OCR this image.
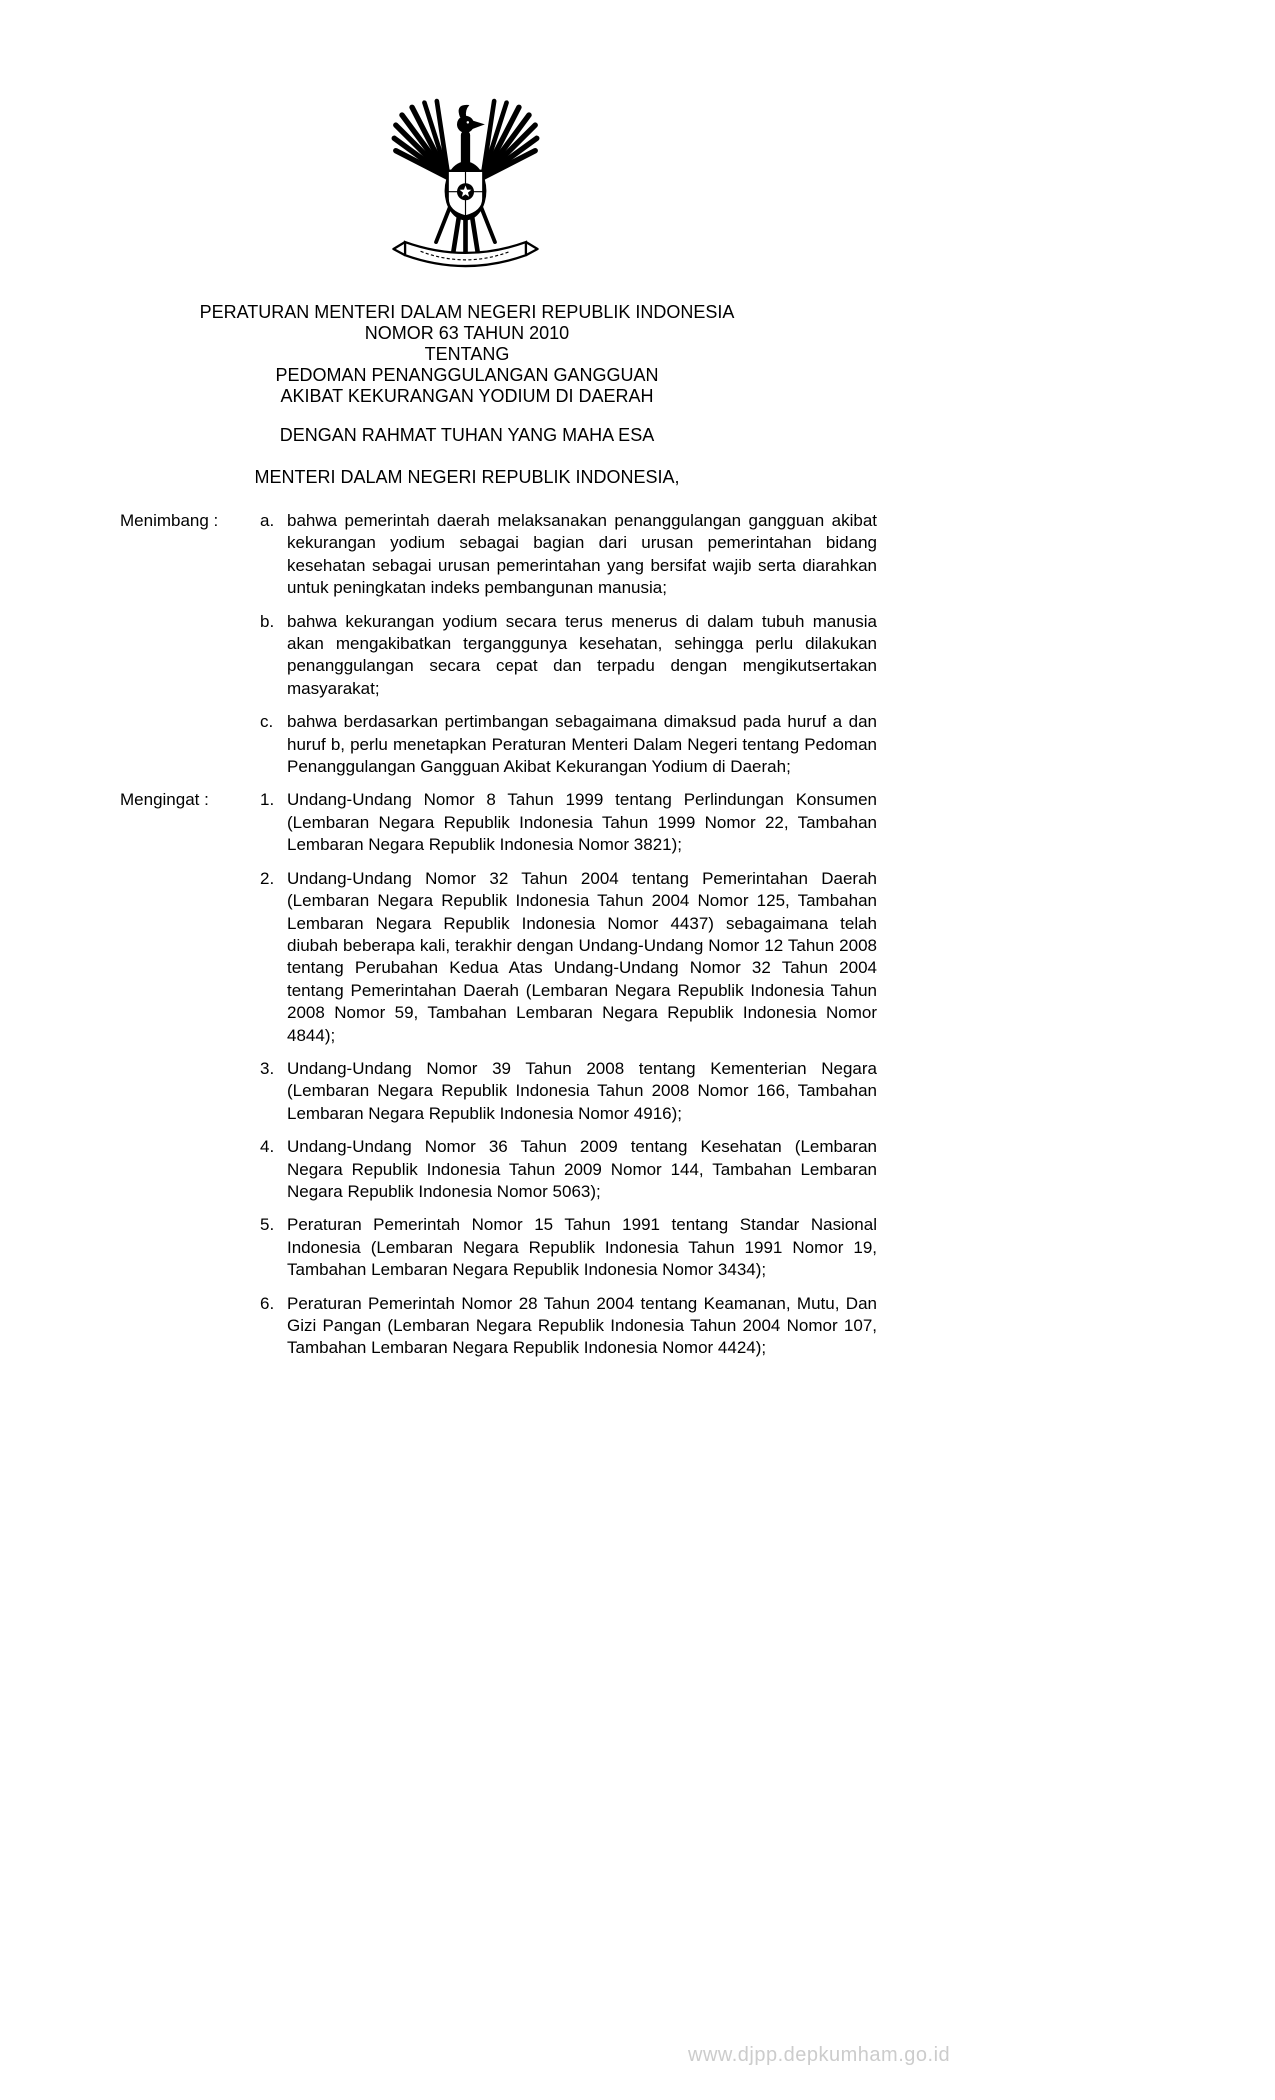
PERATURAN MENTERI DALAM NEGERI REPUBLIK INDONESIA
NOMOR 63 TAHUN 2010
TENTANG
PEDOMAN PENANGGULANGAN GANGGUAN
AKIBAT KEKURANGAN YODIUM DI DAERAH
DENGAN RAHMAT TUHAN YANG MAHA ESA
MENTERI DALAM NEGERI REPUBLIK INDONESIA,
Menimbang :	a. bahwa pemerintah daerah melaksanakan penanggulangan gangguan akibat kekurangan yodium sebagai bagian dari urusan pemerintahan bidang kesehatan sebagai urusan pemerintahan yang bersifat wajib serta diarahkan untuk peningkatan indeks pembangunan manusia;
b. bahwa kekurangan yodium secara terus menerus di dalam tubuh manusia akan mengakibatkan terganggunya kesehatan, sehingga perlu dilakukan penanggulangan secara cepat dan terpadu dengan mengikutsertakan masyarakat;
c. bahwa berdasarkan pertimbangan sebagaimana dimaksud pada huruf a dan huruf b, perlu menetapkan Peraturan Menteri Dalam Negeri tentang Pedoman Penanggulangan Gangguan Akibat Kekurangan Yodium di Daerah;
Mengingat :	1. Undang-Undang Nomor 8 Tahun 1999 tentang Perlindungan Konsumen (Lembaran Negara Republik Indonesia Tahun 1999 Nomor 22, Tambahan Lembaran Negara Republik Indonesia Nomor 3821);
2. Undang-Undang Nomor 32 Tahun 2004 tentang Pemerintahan Daerah (Lembaran Negara Republik Indonesia Tahun 2004 Nomor 125, Tambahan Lembaran Negara Republik Indonesia Nomor 4437) sebagaimana telah diubah beberapa kali, terakhir dengan Undang-Undang Nomor 12 Tahun 2008 tentang Perubahan Kedua Atas Undang-Undang Nomor 32 Tahun 2004 tentang Pemerintahan Daerah (Lembaran Negara Republik Indonesia Tahun 2008 Nomor 59, Tambahan Lembaran Negara Republik Indonesia Nomor 4844);
3. Undang-Undang Nomor 39 Tahun 2008 tentang Kementerian Negara (Lembaran Negara Republik Indonesia Tahun 2008 Nomor 166, Tambahan Lembaran Negara Republik Indonesia Nomor 4916);
4. Undang-Undang Nomor 36 Tahun 2009 tentang Kesehatan (Lembaran Negara Republik Indonesia Tahun 2009 Nomor 144, Tambahan Lembaran Negara Republik Indonesia Nomor 5063);
5. Peraturan Pemerintah Nomor 15 Tahun 1991 tentang Standar Nasional Indonesia (Lembaran Negara Republik Indonesia Tahun 1991 Nomor 19, Tambahan Lembaran Negara Republik Indonesia Nomor 3434);
6. Peraturan Pemerintah Nomor 28 Tahun 2004 tentang Keamanan, Mutu, Dan Gizi Pangan (Lembaran Negara Republik Indonesia Tahun 2004 Nomor 107, Tambahan Lembaran Negara Republik Indonesia Nomor 4424);
www.djpp.depkumham.go.id
